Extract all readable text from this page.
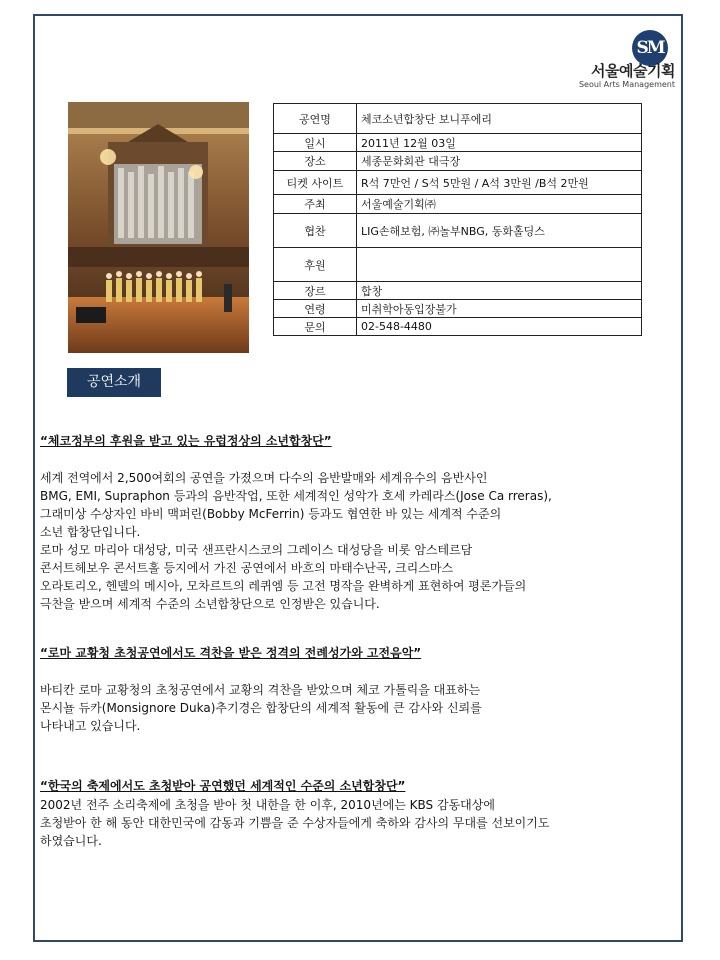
SM
서울예술기획
Seoul Arts Management
공연명	체코소년합창단 보니푸에리
일시	2011년 12월 03일
장소	세종문화회관 대극장
티켓 사이트	R석 7만언 / S석 5만원 / A석 3만원 /B석 2만원
주최	서울예술기획㈜
협찬	LIG손해보험, ㈜놀부NBG, 동화홀딩스
후원	
장르	합창
연령	미취학아동입장불가
문의	02-548-4480
공연소개
“체코정부의 후원을 받고 있는 유럽정상의 소년합창단”
세계 전역에서 2,500여회의 공연을 가졌으며 다수의 음반발매와 세계유수의 음반사인
BMG, EMI, Supraphon 등과의 음반작업, 또한 세계적인 성악가 호세 카레라스(Jose Ca rreras),
그래미상 수상자인 바비 맥퍼린(Bobby McFerrin) 등과도 협연한 바 있는 세계적 수준의
소년 합창단입니다.
로마 성모 마리아 대성당, 미국 샌프란시스코의 그레이스 대성당을 비롯 암스테르담
콘서트헤보우 콘서트홀 등지에서 가진 공연에서 바흐의 마태수난곡, 크리스마스
오라토리오, 헨델의 메시아, 모차르트의 레퀴엠 등 고전 명작을 완벽하게 표현하여 평론가들의
극찬을 받으며 세계적 수준의 소년합창단으로 인정받은 있습니다.
“로마 교황청 초청공연에서도 격찬을 받은 정격의 전례성가와 고전음악”
바티칸 로마 교황청의 초청공연에서 교황의 격찬을 받았으며 체코 가톨릭을 대표하는
몬시뇰 듀카(Monsignore Duka)추기경은 합창단의 세계적 활동에 큰 감사와 신뢰를
나타내고 있습니다.
“한국의 축제에서도 초청받아 공연했던 세계적인 수준의 소년합창단”
2002년 전주 소리축제에 초청을 받아 첫 내한을 한 이후, 2010년에는 KBS 감동대상에
초청받아 한 해 동안 대한민국에 감동과 기쁨을 준 수상자들에게 축하와 감사의 무대를 선보이기도
하였습니다.
